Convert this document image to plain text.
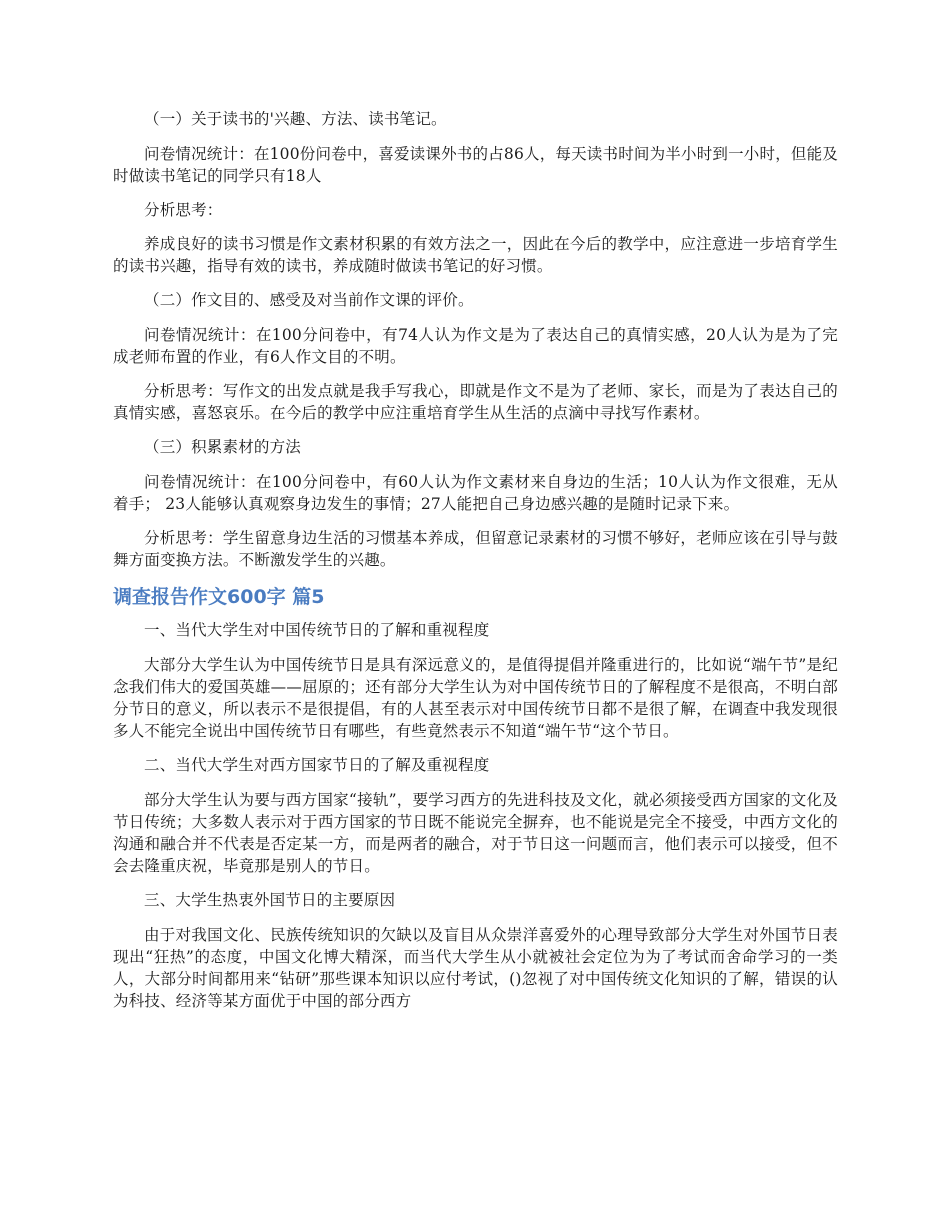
（一）关于读书的'兴趣、方法、读书笔记。

问卷情况统计：在100份问卷中，喜爱读课外书的占86人，每天读书时间为半小时到一小时，但能及时做读书笔记的同学只有18人

分析思考：

养成良好的读书习惯是作文素材积累的有效方法之一，因此在今后的教学中，应注意进一步培育学生的读书兴趣，指导有效的读书，养成随时做读书笔记的好习惯。

（二）作文目的、感受及对当前作文课的评价。

问卷情况统计：在100分问卷中，有74人认为作文是为了表达自己的真情实感，20人认为是为了完成老师布置的作业，有6人作文目的不明。

分析思考：写作文的出发点就是我手写我心，即就是作文不是为了老师、家长，而是为了表达自己的真情实感，喜怒哀乐。在今后的教学中应注重培育学生从生活的点滴中寻找写作素材。

（三）积累素材的方法

问卷情况统计：在100分问卷中，有60人认为作文素材来自身边的生活；10人认为作文很难，无从着手； 23人能够认真观察身边发生的事情；27人能把自己身边感兴趣的是随时记录下来。

分析思考：学生留意身边生活的习惯基本养成，但留意记录素材的习惯不够好，老师应该在引导与鼓舞方面变换方法。不断激发学生的兴趣。

调查报告作文600字 篇5

一、当代大学生对中国传统节日的了解和重视程度

大部分大学生认为中国传统节日是具有深远意义的，是值得提倡并隆重进行的，比如说“端午节”是纪念我们伟大的爱国英雄——屈原的；还有部分大学生认为对中国传统节日的了解程度不是很高，不明白部分节日的意义，所以表示不是很提倡，有的人甚至表示对中国传统节日都不是很了解，在调查中我发现很多人不能完全说出中国传统节日有哪些，有些竟然表示不知道“端午节“这个节日。

二、当代大学生对西方国家节日的了解及重视程度

部分大学生认为要与西方国家“接轨”，要学习西方的先进科技及文化，就必须接受西方国家的文化及节日传统；大多数人表示对于西方国家的节日既不能说完全摒弃，也不能说是完全不接受，中西方文化的沟通和融合并不代表是否定某一方，而是两者的融合，对于节日这一问题而言，他们表示可以接受，但不会去隆重庆祝，毕竟那是别人的节日。

三、大学生热衷外国节日的主要原因

由于对我国文化、民族传统知识的欠缺以及盲目从众崇洋喜爱外的心理导致部分大学生对外国节日表现出“狂热”的态度，中国文化博大精深，而当代大学生从小就被社会定位为为了考试而舍命学习的一类人，大部分时间都用来“钻研”那些课本知识以应付考试，()忽视了对中国传统文化知识的了解，错误的认为科技、经济等某方面优于中国的部分西方
